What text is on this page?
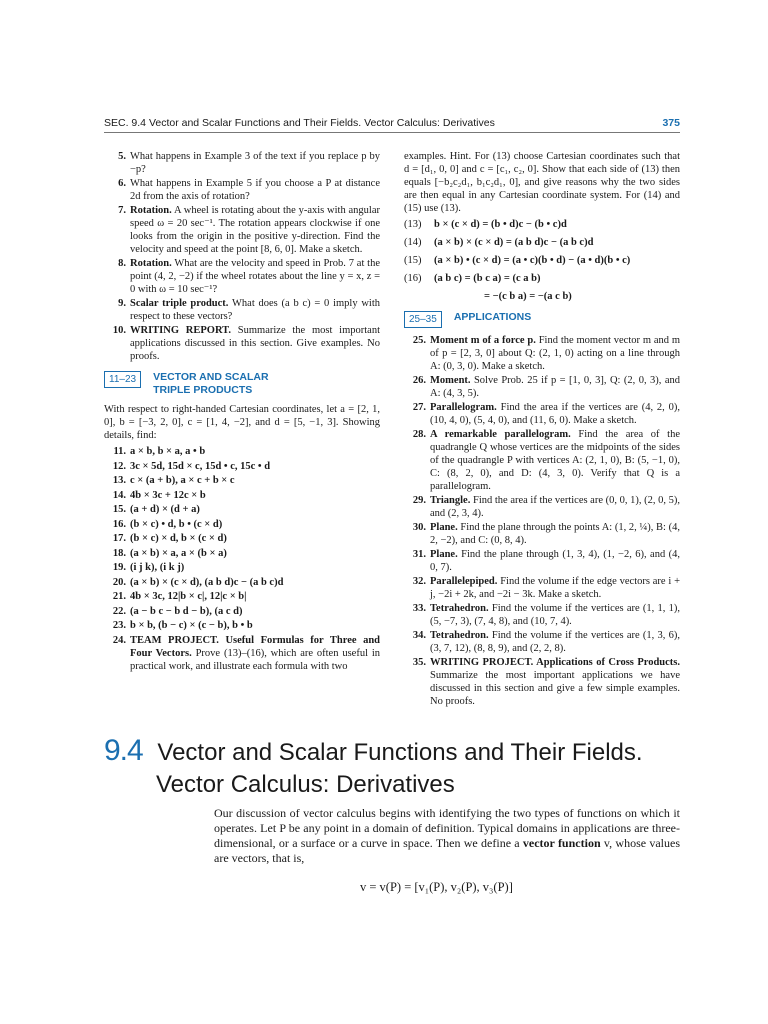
SEC. 9.4 Vector and Scalar Functions and Their Fields. Vector Calculus: Derivatives	375
5. What happens in Example 3 of the text if you replace p by −p?
6. What happens in Example 5 if you choose a P at distance 2d from the axis of rotation?
7. Rotation. A wheel is rotating about the y-axis with angular speed ω = 20 sec⁻¹. The rotation appears clockwise if one looks from the origin in the positive y-direction. Find the velocity and speed at the point [8, 6, 0]. Make a sketch.
8. Rotation. What are the velocity and speed in Prob. 7 at the point (4, 2, −2) if the wheel rotates about the line y = x, z = 0 with ω = 10 sec⁻¹?
9. Scalar triple product. What does (a b c) = 0 imply with respect to these vectors?
10. WRITING REPORT. Summarize the most important applications discussed in this section. Give examples. No proofs.
11–23	VECTOR AND SCALAR
TRIPLE PRODUCTS
With respect to right-handed Cartesian coordinates, let a = [2, 1, 0], b = [−3, 2, 0], c = [1, 4, −2], and d = [5, −1, 3]. Showing details, find:
11. a × b, b × a, a • b
12. 3c × 5d, 15d × c, 15d • c, 15c • d
13. c × (a + b), a × c + b × c
14. 4b × 3c + 12c × b
15. (a + d) × (d + a)
16. (b × c) • d, b • (c × d)
17. (b × c) × d, b × (c × d)
18. (a × b) × a, a × (b × a)
19. (i j k), (i k j)
20. (a × b) × (c × d), (a b d)c − (a b c)d
21. 4b × 3c, 12|b × c|, 12|c × b|
22. (a − b c − b d − b), (a c d)
23. b × b, (b − c) × (c − b), b • b
24. TEAM PROJECT. Useful Formulas for Three and Four Vectors. Prove (13)–(16), which are often useful in practical work, and illustrate each formula with two
examples. Hint. For (13) choose Cartesian coordinates such that d = [d₁, 0, 0] and c = [c₁, c₂, 0]. Show that each side of (13) then equals [−b₂c₂d₁, b₁c₂d₁, 0], and give reasons why the two sides are then equal in any Cartesian coordinate system. For (14) and (15) use (13).
(13)	b × (c × d) = (b • d)c − (b • c)d
(14)	(a × b) × (c × d) = (a b d)c − (a b c)d
(15)	(a × b) • (c × d) = (a • c)(b • d) − (a • d)(b • c)
(16)	(a b c) = (b c a) = (c a b)
= −(c b a) = −(a c b)
25–35	APPLICATIONS
25. Moment m of a force p. Find the moment vector m and m of p = [2, 3, 0] about Q: (2, 1, 0) acting on a line through A: (0, 3, 0). Make a sketch.
26. Moment. Solve Prob. 25 if p = [1, 0, 3], Q: (2, 0, 3), and A: (4, 3, 5).
27. Parallelogram. Find the area if the vertices are (4, 2, 0), (10, 4, 0), (5, 4, 0), and (11, 6, 0). Make a sketch.
28. A remarkable parallelogram. Find the area of the quadrangle Q whose vertices are the midpoints of the sides of the quadrangle P with vertices A: (2, 1, 0), B: (5, −1, 0), C: (8, 2, 0), and D: (4, 3, 0). Verify that Q is a parallelogram.
29. Triangle. Find the area if the vertices are (0, 0, 1), (2, 0, 5), and (2, 3, 4).
30. Plane. Find the plane through the points A: (1, 2, ¼), B: (4, 2, −2), and C: (0, 8, 4).
31. Plane. Find the plane through (1, 3, 4), (1, −2, 6), and (4, 0, 7).
32. Parallelepiped. Find the volume if the edge vectors are i + j, −2i + 2k, and −2i − 3k. Make a sketch.
33. Tetrahedron. Find the volume if the vertices are (1, 1, 1), (5, −7, 3), (7, 4, 8), and (10, 7, 4).
34. Tetrahedron. Find the volume if the vertices are (1, 3, 6), (3, 7, 12), (8, 8, 9), and (2, 2, 8).
35. WRITING PROJECT. Applications of Cross Products. Summarize the most important applications we have discussed in this section and give a few simple examples. No proofs.
9.4 Vector and Scalar Functions and Their Fields.
Vector Calculus: Derivatives
Our discussion of vector calculus begins with identifying the two types of functions on which it operates. Let P be any point in a domain of definition. Typical domains in applications are three-dimensional, or a surface or a curve in space. Then we define a vector function v, whose values are vectors, that is,
v = v(P) = [v₁(P), v₂(P), v₃(P)]
